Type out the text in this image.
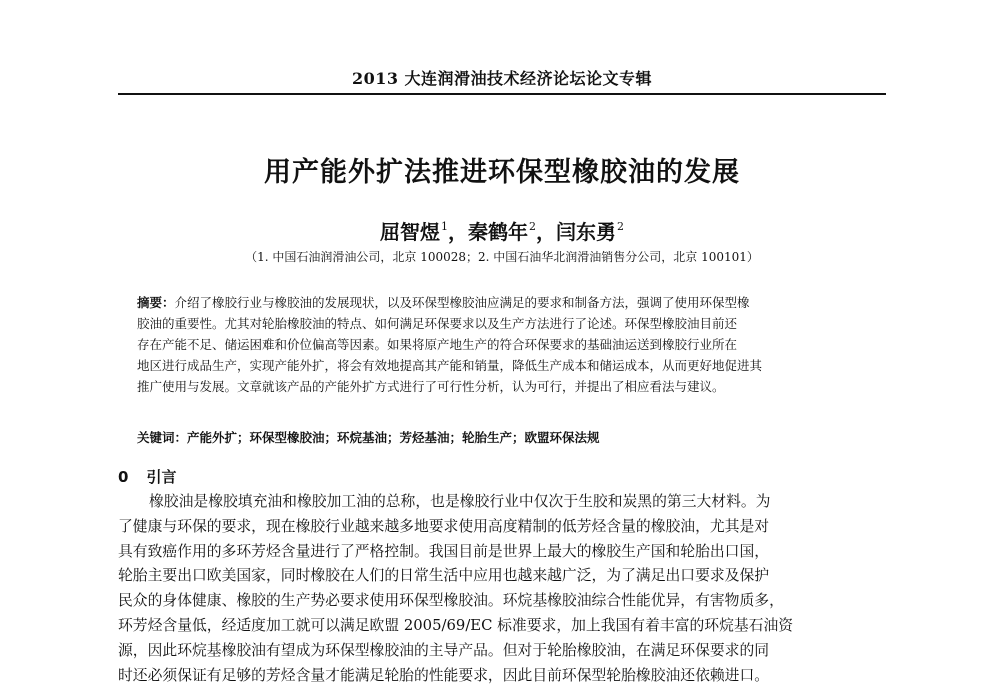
2013 大连润滑油技术经济论坛论文专辑
用产能外扩法推进环保型橡胶油的发展
屈智煜$^1$，秦鹤年$^2$，闫东勇$^2$
（1. 中国石油润滑油公司，北京 100028；2. 中国石油华北润滑油销售分公司，北京 100101）
摘要：介绍了橡胶行业与橡胶油的发展现状，以及环保型橡胶油应满足的要求和制备方法，强调了使用环保型橡
胶油的重要性。尤其对轮胎橡胶油的特点、如何满足环保要求以及生产方法进行了论述。环保型橡胶油目前还
存在产能不足、储运困难和价位偏高等因素。如果将原产地生产的符合环保要求的基础油运送到橡胶行业所在
地区进行成品生产，实现产能外扩，将会有效地提高其产能和销量，降低生产成本和储运成本，从而更好地促进其
推广使用与发展。文章就该产品的产能外扩方式进行了可行性分析，认为可行，并提出了相应看法与建议。
关键词：产能外扩；环保型橡胶油；环烷基油；芳烃基油；轮胎生产；欧盟环保法规
0 引言
橡胶油是橡胶填充油和橡胶加工油的总称，也是橡胶行业中仅次于生胶和炭黑的第三大材料。为
了健康与环保的要求，现在橡胶行业越来越多地要求使用高度精制的低芳烃含量的橡胶油，尤其是对
具有致癌作用的多环芳烃含量进行了严格控制。我国目前是世界上最大的橡胶生产国和轮胎出口国，
轮胎主要出口欧美国家，同时橡胶在人们的日常生活中应用也越来越广泛，为了满足出口要求及保护
民众的身体健康、橡胶的生产势必要求使用环保型橡胶油。环烷基橡胶油综合性能优异，有害物质多，
环芳烃含量低，经适度加工就可以满足欧盟 2005/69/EC 标准要求，加上我国有着丰富的环烷基石油资
源，因此环烷基橡胶油有望成为环保型橡胶油的主导产品。但对于轮胎橡胶油，在满足环保要求的同
时还必须保证有足够的芳烃含量才能满足轮胎的性能要求，因此目前环保型轮胎橡胶油还依赖进口。
